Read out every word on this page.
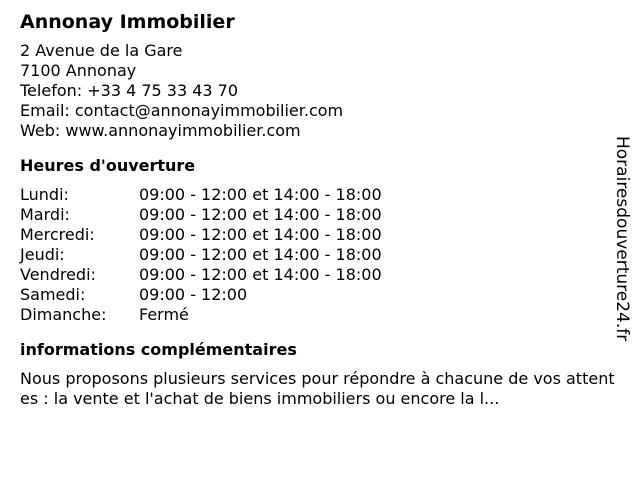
Annonay Immobilier
2 Avenue de la Gare
7100 Annonay
Telefon: +33 4 75 33 43 70
Email: contact@annonayimmobilier.com
Web: www.annonayimmobilier.com
Heures d'ouverture
Lundi:	09:00 - 12:00 et 14:00 - 18:00
Mardi:	09:00 - 12:00 et 14:00 - 18:00
Mercredi:	09:00 - 12:00 et 14:00 - 18:00
Jeudi:	09:00 - 12:00 et 14:00 - 18:00
Vendredi:	09:00 - 12:00 et 14:00 - 18:00
Samedi:	09:00 - 12:00
Dimanche:	Fermé
informations complémentaires
Nous proposons plusieurs services pour répondre à chacune de vos attentes : la vente et l'achat de biens immobiliers ou encore la l...
Horairesdouverture24.fr
